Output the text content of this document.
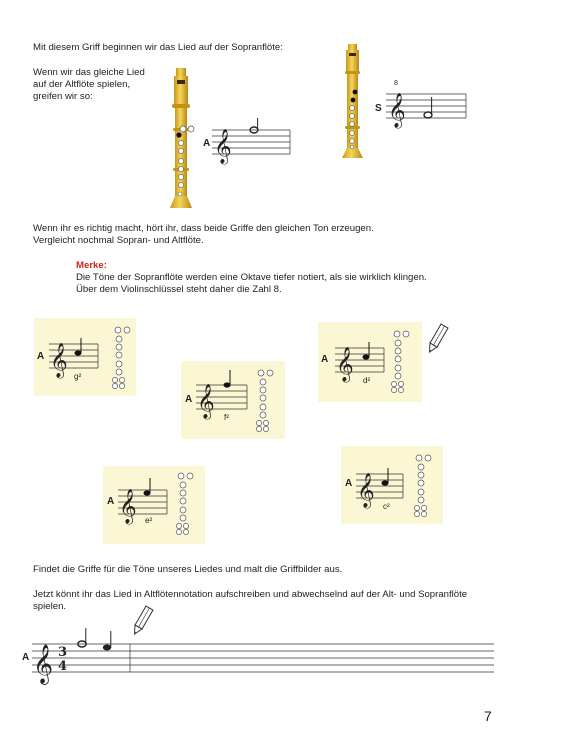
Mit diesem Griff beginnen wir das Lied auf der Sopranflöte:
Wenn wir das gleiche Lied
auf der Altflöte spielen,
greifen wir so:
A 𝄞
S 𝄞
8
Wenn ihr es richtig macht, hört ihr, dass beide Griffe den gleichen Ton erzeugen.
Vergleicht nochmal Sopran- und Altflöte.
Merke:
Die Töne der Sopranflöte werden eine Oktave tiefer notiert, als sie wirklich klingen.
Über dem Violinschlüssel steht daher die Zahl 8.
𝄞
A
g²
𝄞
A
f²
𝄞
A
d²
𝄞
A
e²
𝄞
A
c²
Findet die Griffe für die Töne unseres Liedes und malt die Griffbilder aus.
Jetzt könnt ihr das Lied in Altflötennotation aufschreiben und abwechselnd auf der Alt- und Sopranflöte
spielen.
A 𝄞 3
4
7
